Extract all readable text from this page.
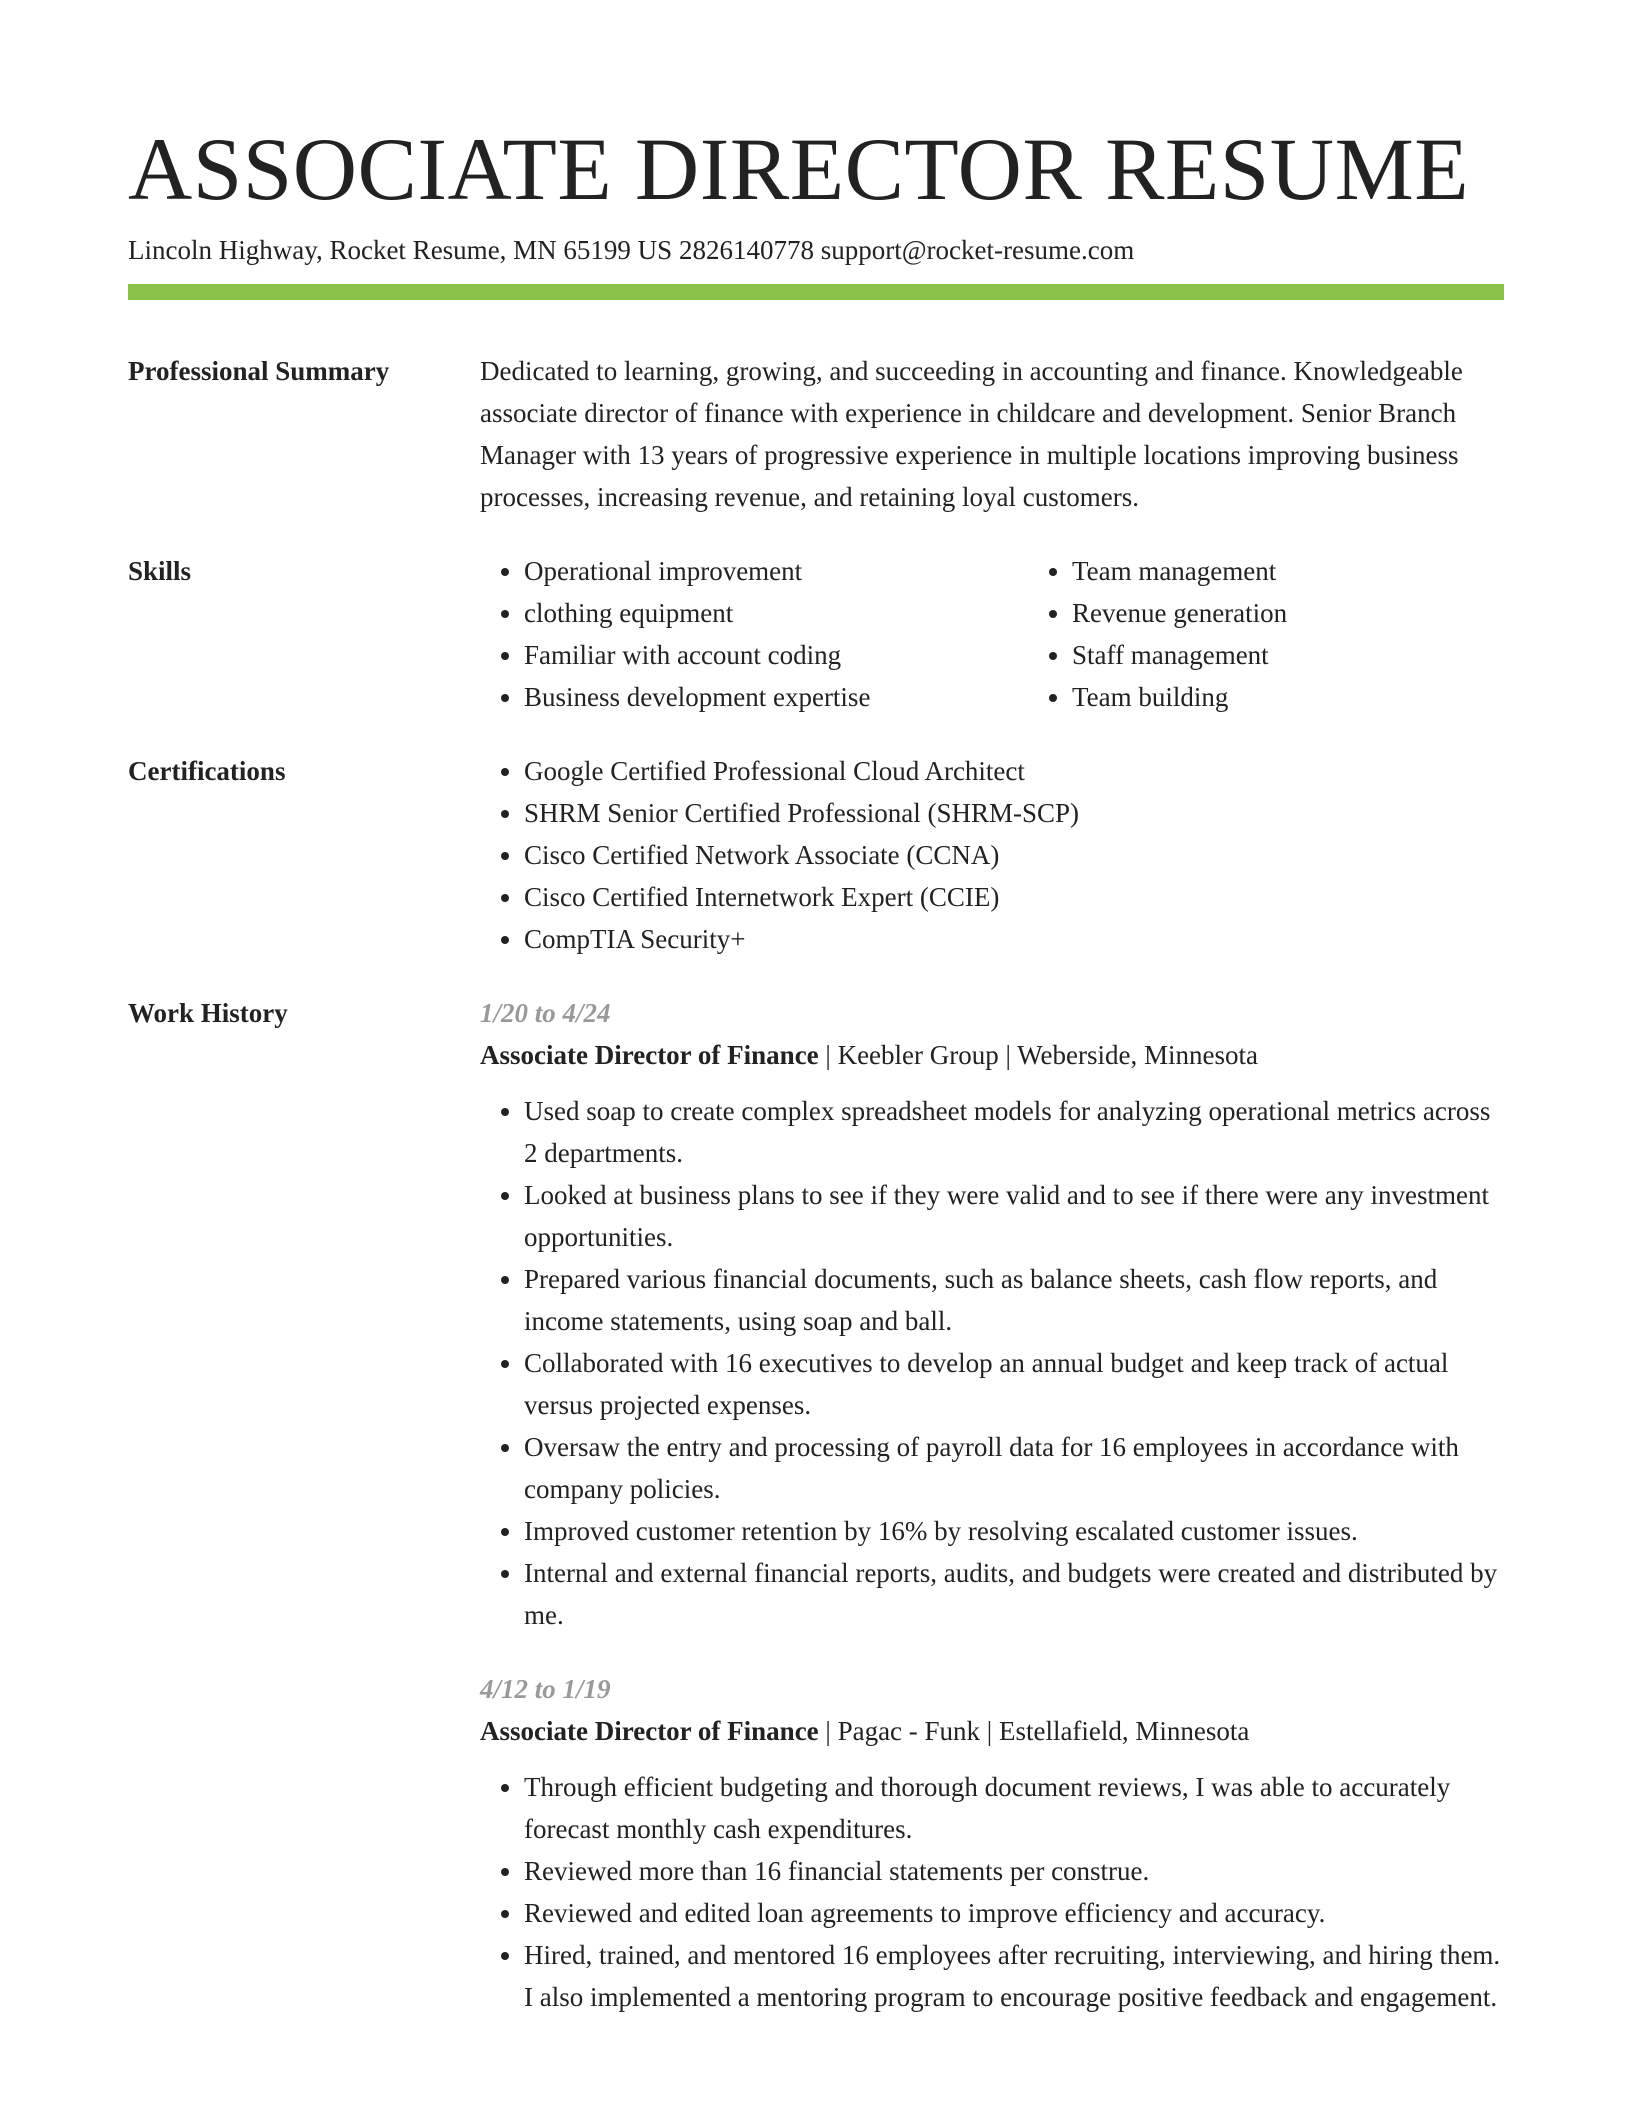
ASSOCIATE DIRECTOR RESUME
Lincoln Highway, Rocket Resume, MN 65199 US 2826140778 support@rocket-resume.com
Professional Summary	Dedicated to learning, growing, and succeeding in accounting and finance. Knowledgeable associate director of finance with experience in childcare and development. Senior Branch Manager with 13 years of progressive experience in multiple locations improving business processes, increasing revenue, and retaining loyal customers.
Skills	• Operational improvement
• clothing equipment
• Familiar with account coding
• Business development expertise
• Team management
• Revenue generation
• Staff management
• Team building
Certifications	• Google Certified Professional Cloud Architect
• SHRM Senior Certified Professional (SHRM-SCP)
• Cisco Certified Network Associate (CCNA)
• Cisco Certified Internetwork Expert (CCIE)
• CompTIA Security+
Work History	1/20 to 4/24
Associate Director of Finance | Keebler Group | Weberside, Minnesota
• Used soap to create complex spreadsheet models for analyzing operational metrics across 2 departments.
• Looked at business plans to see if they were valid and to see if there were any investment opportunities.
• Prepared various financial documents, such as balance sheets, cash flow reports, and income statements, using soap and ball.
• Collaborated with 16 executives to develop an annual budget and keep track of actual versus projected expenses.
• Oversaw the entry and processing of payroll data for 16 employees in accordance with company policies.
• Improved customer retention by 16% by resolving escalated customer issues.
• Internal and external financial reports, audits, and budgets were created and distributed by me.
4/12 to 1/19
Associate Director of Finance | Pagac - Funk | Estellafield, Minnesota
• Through efficient budgeting and thorough document reviews, I was able to accurately forecast monthly cash expenditures.
• Reviewed more than 16 financial statements per construe.
• Reviewed and edited loan agreements to improve efficiency and accuracy.
• Hired, trained, and mentored 16 employees after recruiting, interviewing, and hiring them. I also implemented a mentoring program to encourage positive feedback and engagement.
